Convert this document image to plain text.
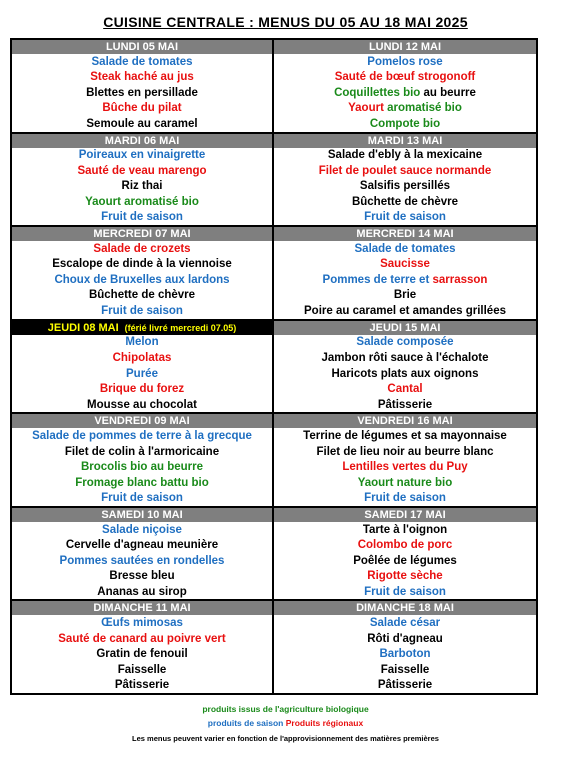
CUISINE CENTRALE : MENUS DU 05 AU 18 MAI 2025
LUNDI 05 MAI
Salade de tomates
Steak haché au jus
Blettes en persillade
Bûche du pilat
Semoule au caramel
MARDI 06 MAI
Poireaux en vinaigrette
Sauté de veau marengo
Riz thai
Yaourt aromatisé bio
Fruit de saison
MERCREDI 07 MAI
Salade de crozets
Escalope de dinde à la viennoise
Choux de Bruxelles aux lardons
Bûchette de chèvre
Fruit de saison
JEUDI 08 MAI (férié livré mercredi 07.05)
Melon
Chipolatas
Purée
Brique du forez
Mousse au chocolat
VENDREDI 09 MAI
Salade de pommes de terre à la grecque
Filet de colin à l'armoricaine
Brocolis bio au beurre
Fromage blanc battu bio
Fruit de saison
SAMEDI 10 MAI
Salade niçoise
Cervelle d'agneau meunière
Pommes sautées en rondelles
Bresse bleu
Ananas au sirop
DIMANCHE 11 MAI
Œufs mimosas
Sauté de canard au poivre vert
Gratin de fenouil
Faisselle
Pâtisserie
LUNDI 12 MAI
Pomelos rose
Sauté de bœuf strogonoff
Coquillettes bio au beurre
Yaourt aromatisé bio
Compote bio
MARDI 13 MAI
Salade d'ebly à la mexicaine
Filet de poulet sauce normande
Salsifis persillés
Bûchette de chèvre
Fruit de saison
MERCREDI 14 MAI
Salade de tomates
Saucisse
Pommes de terre et sarrasson
Brie
Poire au caramel et amandes grillées
JEUDI 15 MAI
Salade composée
Jambon rôti sauce à l'échalote
Haricots plats aux oignons
Cantal
Pâtisserie
VENDREDI 16 MAI
Terrine de légumes et sa mayonnaise
Filet de lieu noir au beurre blanc
Lentilles vertes du Puy
Yaourt nature bio
Fruit de saison
SAMEDI 17 MAI
Tarte à l'oignon
Colombo de porc
Poêlée de légumes
Rigotte sèche
Fruit de saison
DIMANCHE 18 MAI
Salade césar
Rôti d'agneau
Barboton
Faisselle
Pâtisserie
produits issus de l'agriculture biologique
produits de saison Produits régionaux
Les menus peuvent varier en fonction de l'approvisionnement des matières premières
